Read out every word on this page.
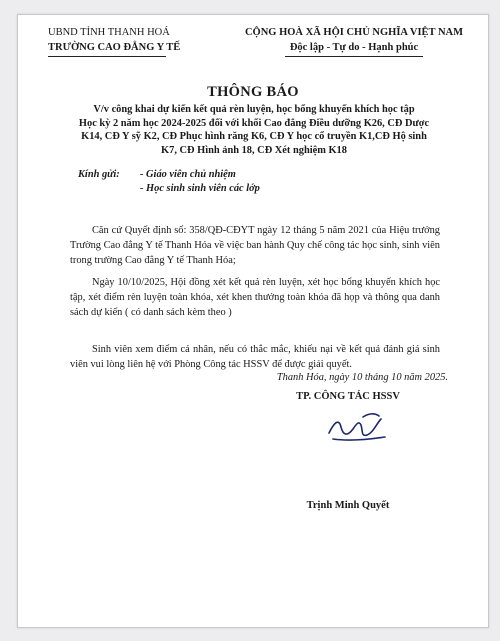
UBND TỈNH THANH HOÁ
TRƯỜNG CAO ĐẲNG Y TẾ
CỘNG HOÀ XÃ HỘI CHỦ NGHĨA VIỆT NAM
Độc lập - Tự do - Hạnh phúc
THÔNG BÁO
V/v công khai dự kiến kết quả rèn luyện, học bổng khuyến khích học tập
Học kỳ 2 năm học 2024-2025 đối với khối Cao đẳng Điều dưỡng K26, CĐ Dược
K14, CĐ Y sỹ K2, CĐ Phục hình răng K6, CĐ Y học cổ truyền K1,CĐ Hộ sinh
K7, CĐ Hình ảnh 18, CĐ Xét nghiệm K18
Kính gửi: - Giáo viên chủ nhiệm
- Học sinh sinh viên các lớp
Căn cứ Quyết định số: 358/QĐ-CĐYT ngày 12 tháng 5 năm 2021 của Hiệu trưởng Trường Cao đẳng Y tế Thanh Hóa về việc ban hành Quy chế công tác học sinh, sinh viên trong trường Cao đẳng Y tế Thanh Hóa;
Ngày 10/10/2025, Hội đồng xét kết quả rèn luyện, xét học bổng khuyến khích học tập, xét điểm rèn luyện toàn khóa, xét khen thưởng toàn khóa đã họp và thông qua danh sách dự kiến ( có danh sách kèm theo )
Sinh viên xem điểm cá nhân, nếu có thắc mắc, khiếu nại về kết quả đánh giá sinh viên vui lòng liên hệ với Phòng Công tác HSSV để được giải quyết.
Thanh Hóa, ngày 10 tháng 10 năm 2025.
TP. CÔNG TÁC HSSV
Trịnh Minh Quyết
